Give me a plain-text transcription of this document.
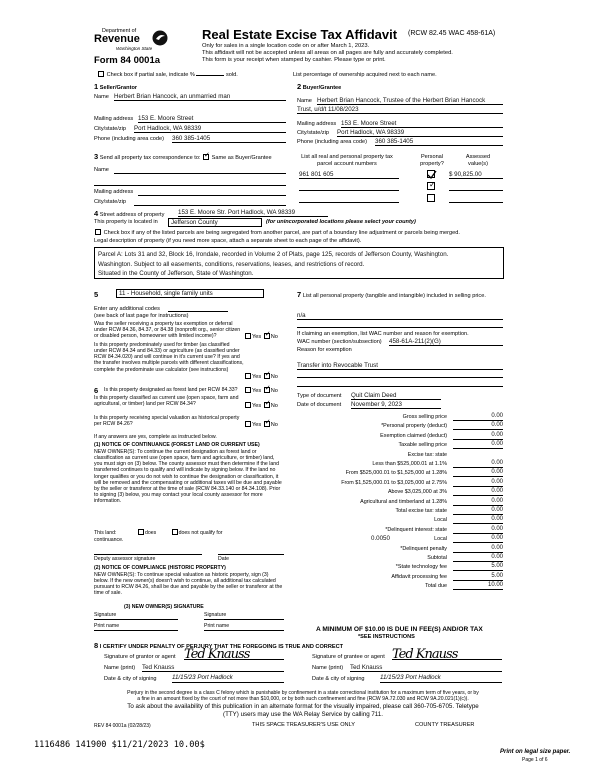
Department of
Revenue
Washington State
Form 84 0001a
Real Estate Excise Tax Affidavit (RCW 82.45 WAC 458-61A)
Only for sales in a single location code on or after March 1, 2023.
This affidavit will not be accepted unless all areas on all pages are fully and accurately completed.
This form is your receipt when stamped by cashier. Please type or print.
Check box if partial sale, indicate %	sold.	List percentage of ownership acquired next to each name.
1 Seller/Grantor
Name Herbert Brian Hancock, an unmarried man
Mailing address 153 E. Moore Street
City/state/zip Port Hadlock, WA 98339
Phone (including area code) 360 385-1405
2 Buyer/Grantee
Name Herbert Brian Hancock, Trustee of the Herbert Brian Hancock
Trust, u/d/t 11/08/2023
Mailing address 153 E. Moore Street
City/state/zip Port Hadlock, WA 98339
Phone (including area code) 360 385-1405
3 Send all property tax correspondence to: ✓ Same as Buyer/Grantee
Name
Mailing address
City/state/zip
List all real and personal property tax parcel account numbers
Personal property?
Assessed value(s)
961 801 605	$ 90,825.00
✓
4 Street address of property 153 E. Moore Str. Port Hadlock, WA 98339
This property is located in	Jefferson County	(for unincorporated locations please select your county)
Check box if any of the listed parcels are being segregated from another parcel, are part of a boundary line adjustment or parcels being merged.
Legal description of property (if you need more space, attach a separate sheet to each page of the affidavit).
Parcel A: Lots 31 and 32, Block 16, Irondale, recorded in Volume 2 of Plats, page 125, records of Jefferson County, Washington.
Washington. Subject to all easements, conditions, reservations, leases, and restrictions of record.
Situated in the County of Jefferson, State of Washington.
5	11 - Household, single family units
Enter any additional codes
(see back of last page for instructions)
Was the seller receiving a property tax exemption or deferral under RCW 84.36, 84.37, or 84.38 (nonprofit org., senior citizen or disabled person, homeowner with limited income)?	Yes ✓ No
Is this property predominately used for timber (as classified under RCW 84.34 and 84.33) or agriculture (as classified under RCW 84.34.020) and will continue in it's current use? If yes and the transfer involves multiple parcels with different classifications, complete the predominate use calculator (see instructions)
Yes ✓ No
6 Is this property designated as forest land per RCW 84.33?	Yes ✓ No
Is this property classified as current use (open space, farm and agricultural, or timber) land per RCW 84.34?	Yes ✓ No
Is this property receiving special valuation as historical property per RCW 84.26?	Yes ✓ No
If any answers are yes, complete as instructed below.
(1) NOTICE OF CONTINUANCE (FOREST LAND OR CURRENT USE)
NEW OWNER(S): To continue the current designation as forest land or classification as current use (open space, farm and agriculture, or timber) land, you must sign on (3) below. The county assessor must then determine if the land transferred continues to qualify and will indicate by signing below. If the land no longer qualifies or you do not wish to continue the designation or classification, it will be removed and the compensating or additional taxes will be due and payable by the seller or transferor at the time of sale (RCW 84.33.140 or 84.34.108). Prior to signing (3) below, you may contact your local county assessor for more information.
This land:	does	does not qualify for
continuance.
Deputy assessor signature	Date
(2) NOTICE OF COMPLIANCE (HISTORIC PROPERTY)
NEW OWNER(S): To continue special valuation as historic property, sign (3) below. If the new owner(s) doesn't wish to continue, all additional tax calculated pursuant to RCW 84.26, shall be due and payable by the seller or transferor at the time of sale.
(3) NEW OWNER(S) SIGNATURE
Signature	Signature
Print name	Print name
7 List all personal property (tangible and intangible) included in selling price.
n/a
If claiming an exemption, list WAC number and reason for exemption.
WAC number (section/subsection) 458-61A-211(2)(G)
Reason for exemption
Transfer into Revocable Trust
Type of document Quit Claim Deed
Date of document November 9, 2023
Gross selling price	0.00
*Personal property (deduct)	0.00
Exemption claimed (deduct)	0.00
Taxable selling price	0.00
Excise tax: state
Less than $525,000.01 at 1.1%	0.00
From $525,000.01 to $1,525,000 at 1.28%	0.00
From $1,525,000.01 to $3,025,000 at 2.75%	0.00
Above $3,025,000 at 3%	0.00
Agricultural and timberland at 1.28%	0.00
Total excise tax: state	0.00
Local	0.00
*Delinquent interest: state	0.00
Local	0.00
*Delinquent penalty	0.00
Subtotal	0.00
*State technology fee	5.00
Affidavit processing fee	5.00
Total due	10.00
0.0050
A MINIMUM OF $10.00 IS DUE IN FEE(S) AND/OR TAX
*SEE INSTRUCTIONS
8 I CERTIFY UNDER PENALTY OF PERJURY THAT THE FOREGOING IS TRUE AND CORRECT
Signature of grantor or agent Ted Knauss
Name (print) Ted Knauss
Date & city of signing 11/15/23 Port Hadlock
Signature of grantee or agent Ted Knauss
Name (print) Ted Knauss
Date & city of signing 11/15/23 Port Hadlock
Perjury in the second degree is a class C felony which is punishable by confinement in a state correctional institution for a maximum term of five years, or by
a fine in an amount fixed by the court of not more than $10,000, or by both such confinement and fine (RCW 9A.72.030 and RCW 9A.20.021(1)(c)).
To ask about the availability of this publication in an alternate format for the visually impaired, please call 360-705-6705. Teletype
(TTY) users may use the WA Relay Service by calling 711.
REV 84 0001a (02/28/23)	THIS SPACE TREASURER'S USE ONLY	COUNTY TREASURER
1116486 141900 $11/21/2023 10.00$
Print on legal size paper.
Page 1 of 6
